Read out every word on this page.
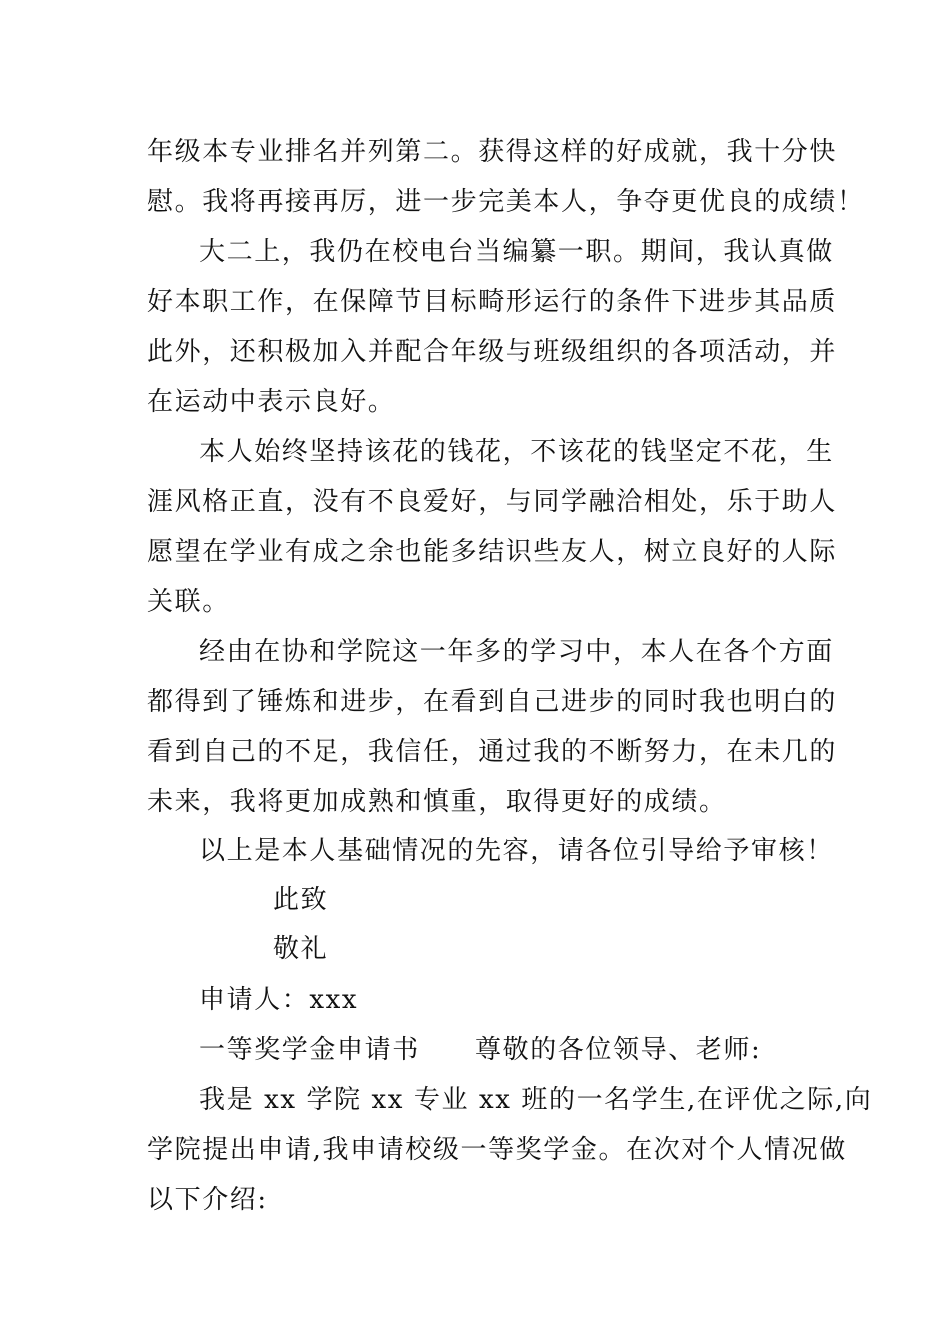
年级本专业排名并列第二。获得这样的好成就，我十分快
慰。我将再接再厉，进一步完美本人，争夺更优良的成绩！
大二上，我仍在校电台当编纂一职。期间，我认真做
好本职工作，在保障节目标畸形运行的条件下进步其品质
此外，还积极加入并配合年级与班级组织的各项活动，并
在运动中表示良好。
本人始终坚持该花的钱花，不该花的钱坚定不花，生
涯风格正直，没有不良爱好，与同学融洽相处，乐于助人
愿望在学业有成之余也能多结识些友人，树立良好的人际
关联。
经由在协和学院这一年多的学习中，本人在各个方面
都得到了锤炼和进步，在看到自己进步的同时我也明白的
看到自己的不足，我信任，通过我的不断努力，在未几的
未来，我将更加成熟和慎重，取得更好的成绩。
以上是本人基础情况的先容，请各位引导给予审核！
此致
敬礼
申请人：xxx
一等奖学金申请书　　尊敬的各位领导、老师:
我是 xx 学院 xx 专业 xx 班的一名学生,在评优之际,向
学院提出申请,我申请校级一等奖学金。在次对个人情况做
以下介绍:
